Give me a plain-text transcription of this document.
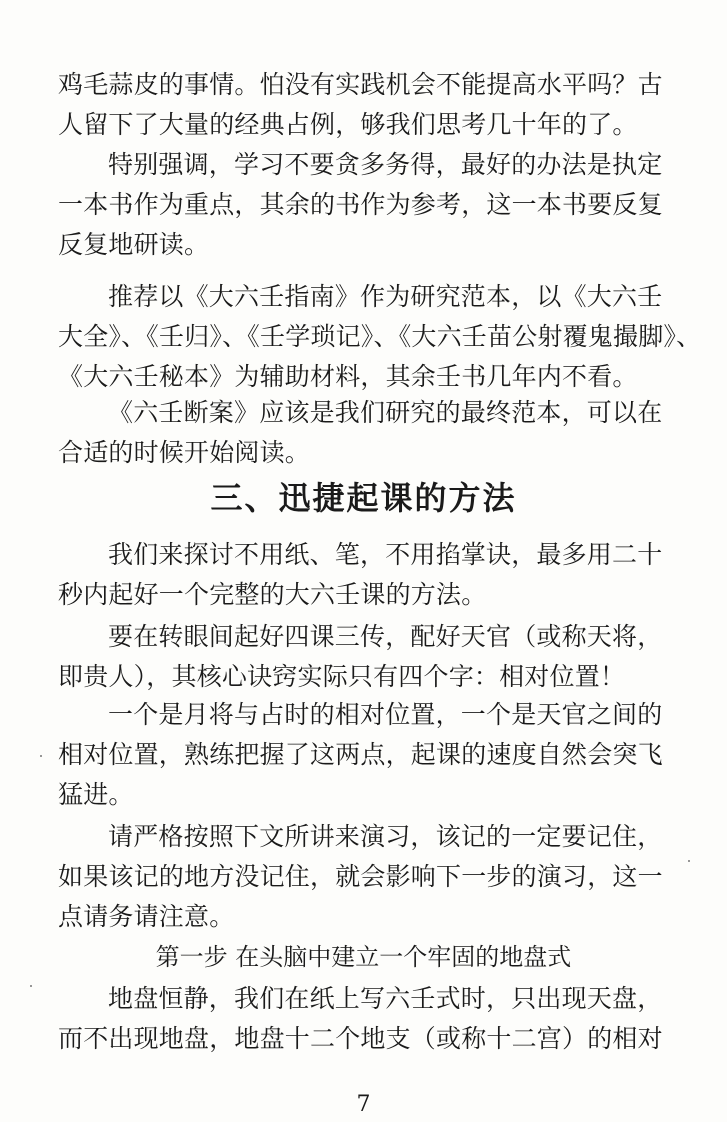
鸡毛蒜皮的事情。怕没有实践机会不能提高水平吗？古
人留下了大量的经典占例，够我们思考几十年的了。
特别强调，学习不要贪多务得，最好的办法是执定
一本书作为重点，其余的书作为参考，这一本书要反复
反复地研读。
推荐以《大六壬指南》作为研究范本，以《大六壬
大全》、《壬归》、《壬学琐记》、《大六壬苗公射覆鬼撮脚》、
《大六壬秘本》为辅助材料，其余壬书几年内不看。
《六壬断案》应该是我们研究的最终范本，可以在
合适的时候开始阅读。
三、迅捷起课的方法
我们来探讨不用纸、笔，不用掐掌诀，最多用二十
秒内起好一个完整的大六壬课的方法。
要在转眼间起好四课三传，配好天官（或称天将，
即贵人），其核心诀窍实际只有四个字：相对位置！
一个是月将与占时的相对位置，一个是天官之间的
相对位置，熟练把握了这两点，起课的速度自然会突飞
猛进。
请严格按照下文所讲来演习，该记的一定要记住，
如果该记的地方没记住，就会影响下一步的演习，这一
点请务请注意。
第一步 在头脑中建立一个牢固的地盘式
地盘恒静，我们在纸上写六壬式时，只出现天盘，
而不出现地盘，地盘十二个地支（或称十二宫）的相对
7
